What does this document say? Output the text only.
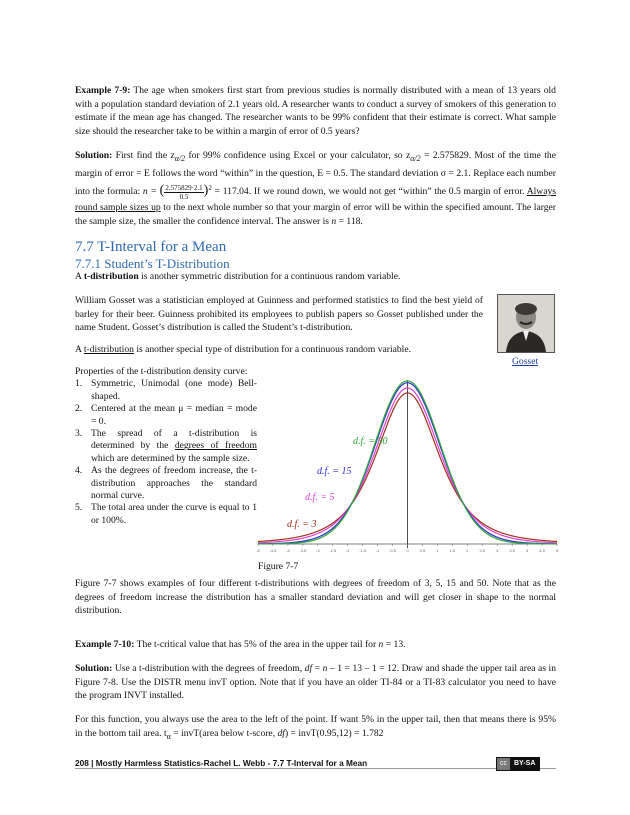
Example 7-9: The age when smokers first start from previous studies is normally distributed with a mean of 13 years old with a population standard deviation of 2.1 years old. A researcher wants to conduct a survey of smokers of this generation to estimate if the mean age has changed. The researcher wants to be 99% confident that their estimate is correct. What sample size should the researcher take to be within a margin of error of 0.5 years?

Solution: First find the $z_{\alpha/2}$ for 99% confidence using Excel or your calculator, so $z_{\alpha/2} = 2.575829$. Most of the time the margin of error = E follows the word “within” in the question, E = 0.5. The standard deviation σ = 2.1. Replace each number into the formula: n = ( $\frac{2.575829\cdot 2.1}{0.5} )^2 = 117.04$. If we round down, we would not get “within” the 0.5 margin of error. Always round sample sizes up to the next whole number so that your margin of error will be within the specified amount. The larger the sample size, the smaller the confidence interval. The answer is n = 118.

7.7 T-Interval for a Mean
7.7.1 Student’s T-Distribution

A t-distribution is another symmetric distribution for a continuous random variable.

William Gosset was a statistician employed at Guinness and performed statistics to find the best yield of barley for their beer. Guinness prohibited its employees to publish papers so Gosset published under the name Student. Gosset’s distribution is called the Student’s t-distribution.

Gosset

A t-distribution is another special type of distribution for a continuous random variable.

Properties of the t-distribution density curve:
1. Symmetric, Unimodal (one mode) Bell-shaped.
2. Centered at the mean μ = median = mode = 0.
3. The spread of a t-distribution is determined by the degrees of freedom which are determined by the sample size.
4. As the degrees of freedom increase, the t-distribution approaches the standard normal curve.
5. The total area under the curve is equal to 1 or 100%.
-5 -4.5 -4 -3.5 -3 -2.5 -2 -1.5 -1 -0.5	0	0.5	1	1.5	2	2.5	3	3.5	4	4.5	5
d.f. = 50
d.f. = 15
d.f. = 5
d.f. = 3
Figure 7-7

Figure 7-7 shows examples of four different t-distributions with degrees of freedom of 3, 5, 15 and 50. Note that as the degrees of freedom increase the distribution has a smaller standard deviation and will get closer in shape to the normal distribution.

Example 7-10: The t-critical value that has 5% of the area in the upper tail for n = 13.

Solution: Use a t-distribution with the degrees of freedom, df = n – 1 = 13 – 1 = 12. Draw and shade the upper tail area as in Figure 7-8. Use the DISTR menu invT option. Note that if you have an older TI-84 or a TI-83 calculator you need to have the program INVT installed.

For this function, you always use the area to the left of the point. If want 5% in the upper tail, then that means there is 95% in the bottom tail area. $t_\alpha$ = invT(area below t-score, df) = invT(0.95,12) = 1.782

208 | Mostly Harmless Statistics-Rachel L. Webb - 7.7 T-Interval for a Mean	cc	BY-SA
